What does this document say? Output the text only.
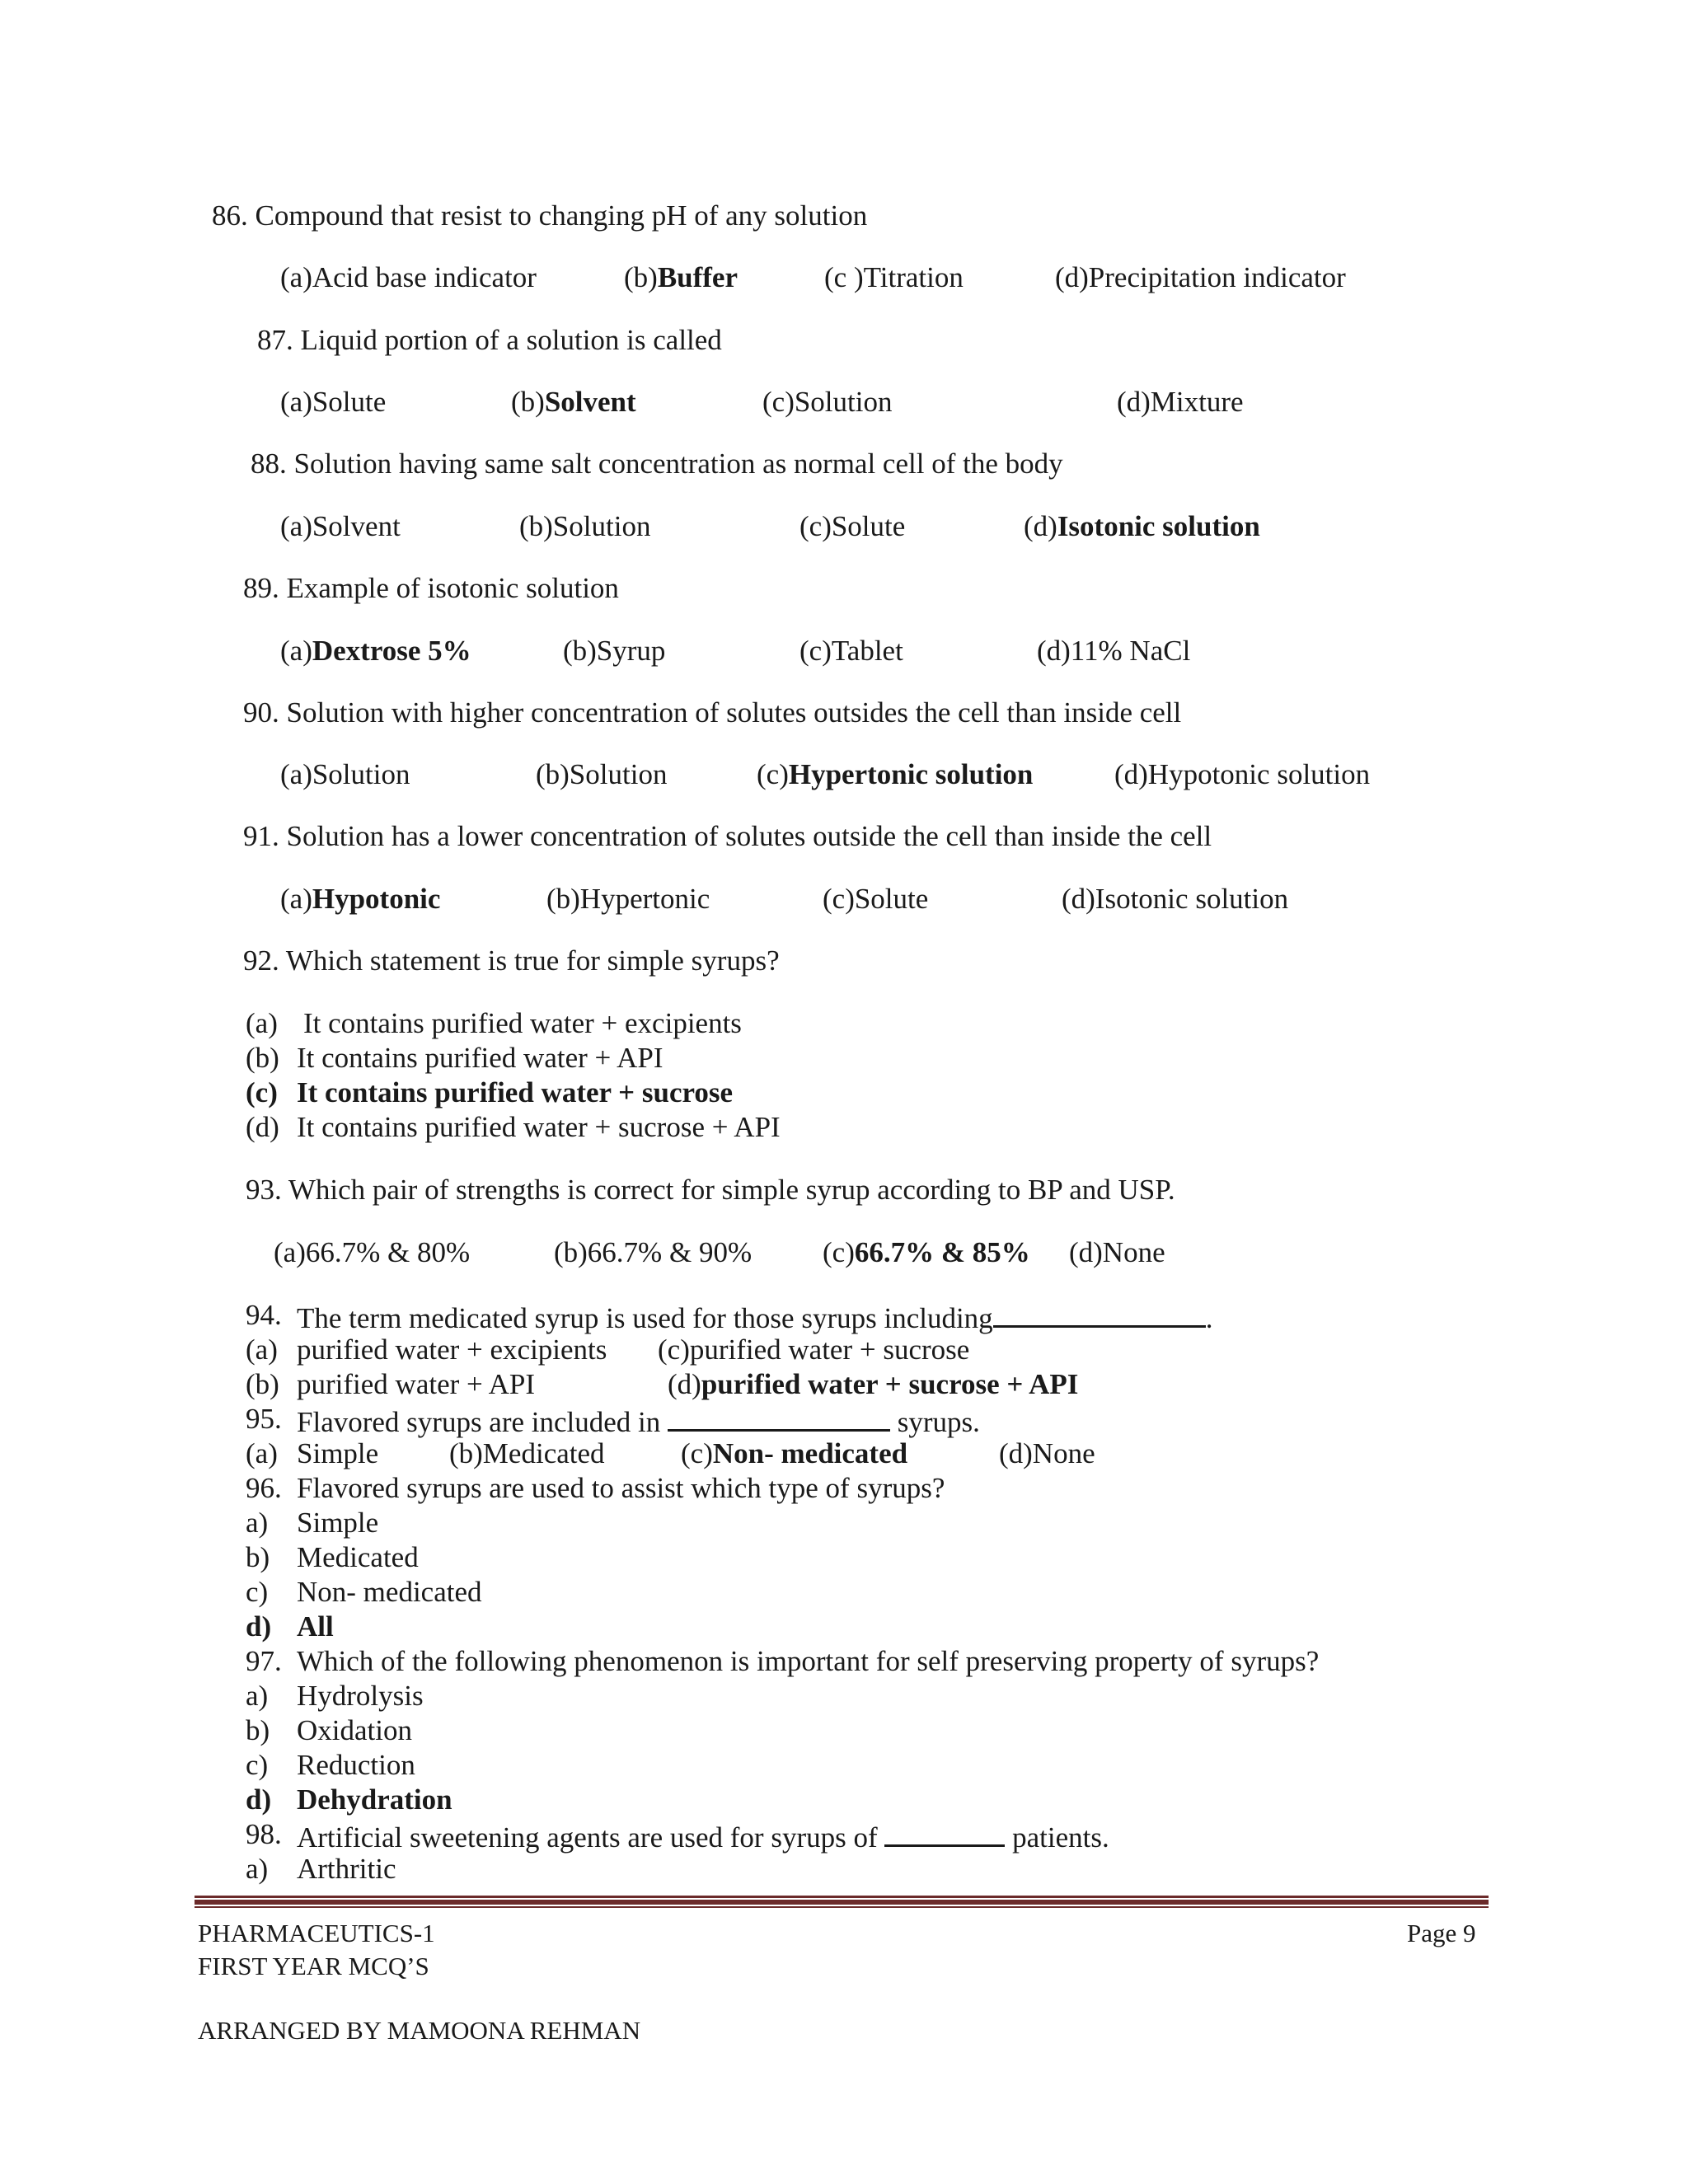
86. Compound that resist to changing pH of any solution
(a)Acid base indicator	(b)Buffer	(c )Titration	(d)Precipitation indicator
87. Liquid portion of a solution is called
(a)Solute	(b)Solvent	(c)Solution	(d)Mixture
88. Solution having same salt concentration as normal cell of the body
(a)Solvent	(b)Solution	(c)Solute	(d)Isotonic solution
89. Example of isotonic solution
(a)Dextrose 5%	(b)Syrup	(c)Tablet	(d)11% NaCl
90. Solution with higher concentration of solutes outsides the cell than inside cell
(a)Solution	(b)Solution	(c)Hypertonic solution	(d)Hypotonic solution
91. Solution has a lower concentration of solutes outside the cell than inside the cell
(a)Hypotonic	(b)Hypertonic	(c)Solute	(d)Isotonic solution
92. Which statement is true for simple syrups?
(a) It contains purified water + excipients
(b) It contains purified water + API
(c) It contains purified water + sucrose
(d) It contains purified water + sucrose + API
93. Which pair of strengths is correct for simple syrup according to BP and USP.
(a)66.7% & 80%	(b)66.7% & 90% (c)66.7% & 85% (d)None
94. The term medicated syrup is used for those syrups including	.
(a) purified water + excipients (c)purified water + sucrose
(b) purified water + API	(d)purified water + sucrose + API
95. Flavored syrups are included in	syrups.
(a) Simple (b)Medicated	(c)Non- medicated	(d)None
96. Flavored syrups are used to assist which type of syrups?
a) Simple
b) Medicated
c) Non- medicated
d) All
97. Which of the following phenomenon is important for self preserving property of syrups?
a) Hydrolysis
b) Oxidation
c) Reduction
d) Dehydration
98. Artificial sweetening agents are used for syrups of	patients.
a) Arthritic
PHARMACEUTICS-1
FIRST YEAR MCQ’S
Page 9
ARRANGED BY MAMOONA REHMAN
